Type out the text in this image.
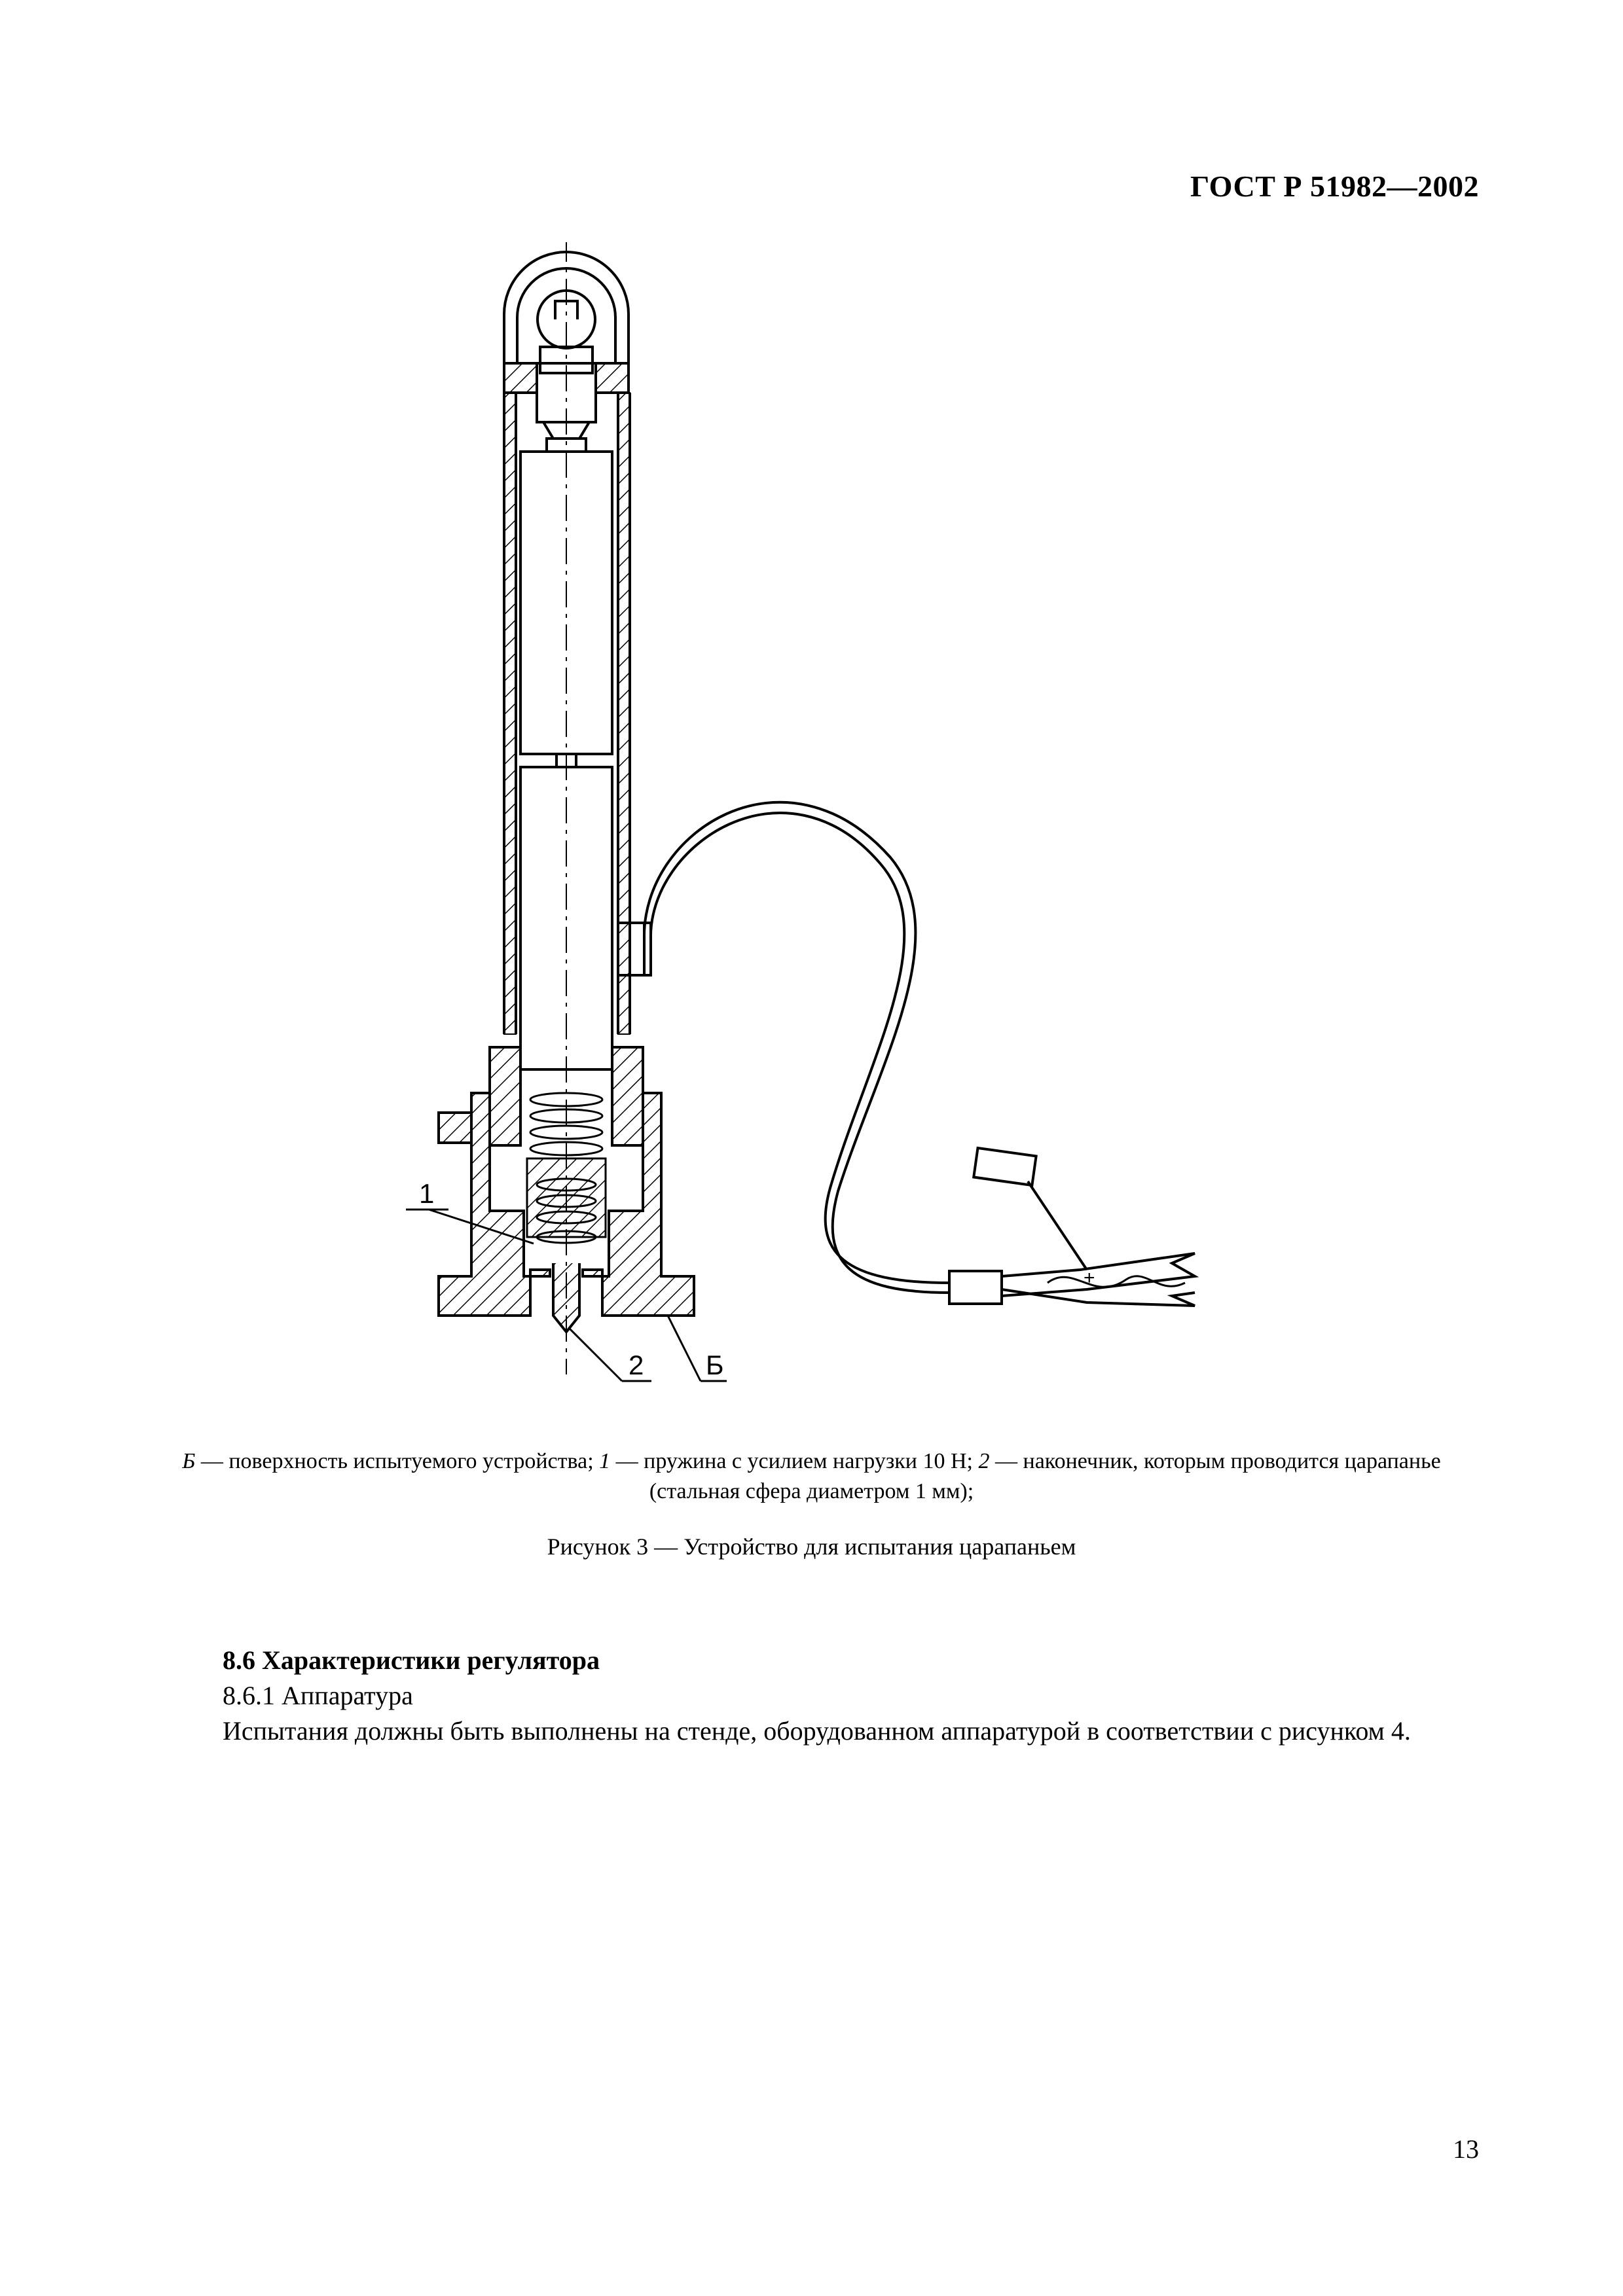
ГОСТ Р 51982—2002
1
2 Б
+
Б — поверхность испытуемого устройства; 1 — пружина с усилием нагрузки 10 Н; 2 — наконечник, которым проводится царапанье (стальная сфера диаметром 1 мм);
Рисунок 3 — Устройство для испытания царапаньем
8.6 Характеристики регулятора
8.6.1 Аппаратура
Испытания должны быть выполнены на стенде, оборудованном аппаратурой в соответствии с рисунком 4.
13
